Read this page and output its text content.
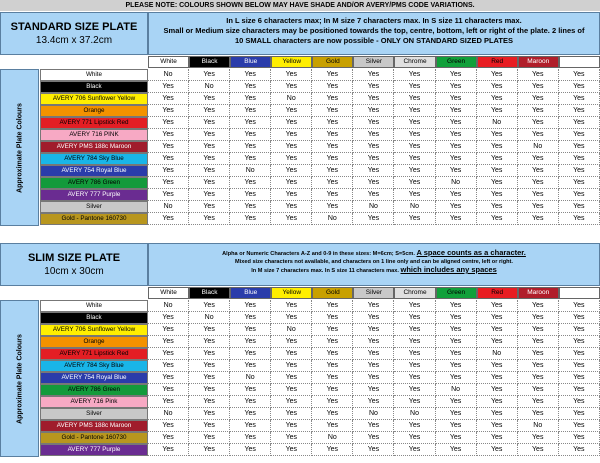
PLEASE NOTE: COLOURS SHOWN BELOW MAY HAVE SHADE AND/OR AVERY/PMS CODE VARIATIONS.
STANDARD SIZE PLATE
13.4cm x 37.2cm
In L size 6 characters max; In M size 7 characters max. In S size 11 characters max.
Small or Medium size characters may be positioned towards the top, centre, bottom, left or right of the plate. 2 lines of
10 SMALL characters are now possible - ONLY ON STANDARD SIZED PLATES
White	Black	Blue	Yellow	Gold	Silver	Chrome	Green	Red	Maroon
Approximate Plate Colours
White	No	Yes	Yes	Yes	Yes	Yes	Yes	Yes	Yes	Yes	Yes
Black	Yes	No	Yes	Yes	Yes	Yes	Yes	Yes	Yes	Yes	Yes
AVERY 706 Sunflower Yellow	Yes	Yes	Yes	No	Yes	Yes	Yes	Yes	Yes	Yes	Yes
Orange	Yes	Yes	Yes	Yes	Yes	Yes	Yes	Yes	Yes	Yes	Yes
AVERY 771 Lipstick Red	Yes	Yes	Yes	Yes	Yes	Yes	Yes	Yes	No	Yes	Yes
AVERY 716 PINK	Yes	Yes	Yes	Yes	Yes	Yes	Yes	Yes	Yes	Yes	Yes
AVERY PMS 188c Maroon	Yes	Yes	Yes	Yes	Yes	Yes	Yes	Yes	Yes	No	Yes
AVERY 784 Sky Blue	Yes	Yes	Yes	Yes	Yes	Yes	Yes	Yes	Yes	Yes	Yes
AVERY 754 Royal Blue	Yes	Yes	No	Yes	Yes	Yes	Yes	Yes	Yes	Yes	Yes
AVERY 786 Green	Yes	Yes	Yes	Yes	Yes	Yes	Yes	No	Yes	Yes	Yes
AVERY 777 Purple	Yes	Yes	Yes	Yes	Yes	Yes	Yes	Yes	Yes	Yes	Yes
Silver	No	Yes	Yes	Yes	Yes	No	No	Yes	Yes	Yes	Yes
Gold - Pantone 160730	Yes	Yes	Yes	Yes	No	Yes	Yes	Yes	Yes	Yes	Yes
SLIM SIZE PLATE
10cm x 30cm
Alpha or Numeric Characters A-Z and 0-9 in these sizes: M=6cm; S=5cm. A space counts as a character.
Mixed size characters not available, and characters on 1 line only and can be aligned centre, left or right.
In M size 7 characters max. In S size 11 characters max. which includes any spaces
White	Black	Blue	Yellow	Gold	Silver	Chrome	Green	Red	Maroon
Approximate Plate Colours
White	No	Yes	Yes	Yes	Yes	Yes	Yes	Yes	Yes	Yes	Yes
Black	Yes	No	Yes	Yes	Yes	Yes	Yes	Yes	Yes	Yes	Yes
AVERY 706 Sunflower Yellow	Yes	Yes	Yes	No	Yes	Yes	Yes	Yes	Yes	Yes	Yes
Orange	Yes	Yes	Yes	Yes	Yes	Yes	Yes	Yes	Yes	Yes	Yes
AVERY 771 Lipstick Red	Yes	Yes	Yes	Yes	Yes	Yes	Yes	Yes	No	Yes	Yes
AVERY 784 Sky Blue	Yes	Yes	Yes	Yes	Yes	Yes	Yes	Yes	Yes	Yes	Yes
AVERY 754 Royal Blue	Yes	Yes	No	Yes	Yes	Yes	Yes	Yes	Yes	Yes	Yes
AVERY 786 Green	Yes	Yes	Yes	Yes	Yes	Yes	Yes	No	Yes	Yes	Yes
AVERY 716 Pink	Yes	Yes	Yes	Yes	Yes	Yes	Yes	Yes	Yes	Yes	Yes
Silver	No	Yes	Yes	Yes	Yes	No	No	Yes	Yes	Yes	Yes
AVERY PMS 188c Maroon	Yes	Yes	Yes	Yes	Yes	Yes	Yes	Yes	Yes	No	Yes
Gold - Pantone 160730	Yes	Yes	Yes	Yes	No	Yes	Yes	Yes	Yes	Yes	Yes
AVERY 777 Purple	Yes	Yes	Yes	Yes	Yes	Yes	Yes	Yes	Yes	Yes	Yes
